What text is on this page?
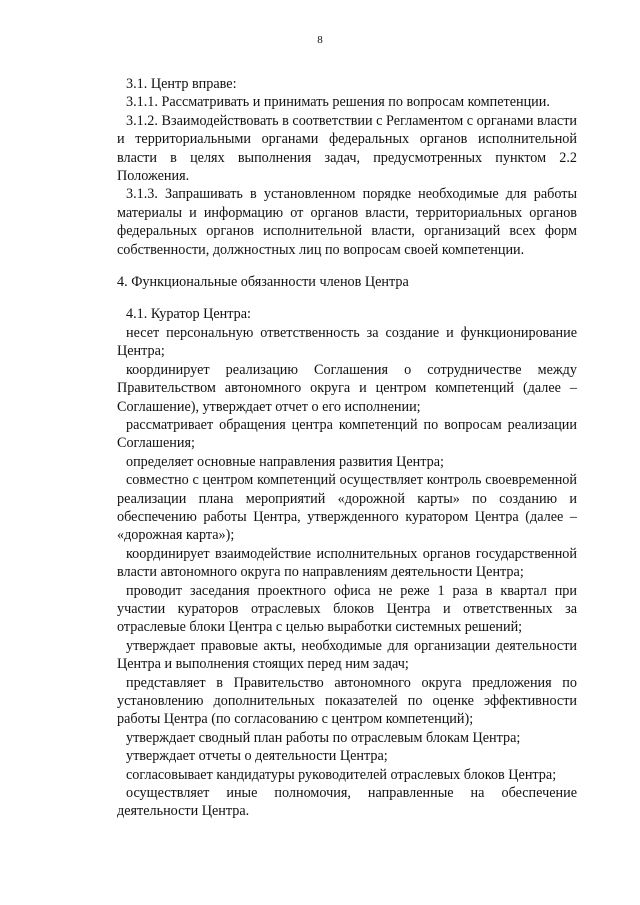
8

3.1. Центр вправе:

3.1.1. Рассматривать и принимать решения по вопросам компетенции.

3.1.2. Взаимодействовать в соответствии с Регламентом с органами власти и территориальными органами федеральных органов исполнительной власти в целях выполнения задач, предусмотренных пунктом 2.2 Положения.

3.1.3. Запрашивать в установленном порядке необходимые для работы материалы и информацию от органов власти, территориальных органов федеральных органов исполнительной власти, организаций всех форм собственности, должностных лиц по вопросам своей компетенции.

4. Функциональные обязанности членов Центра

4.1. Куратор Центра:

несет персональную ответственность за создание и функционирование Центра;

координирует реализацию Соглашения о сотрудничестве между Правительством автономного округа и центром компетенций (далее – Соглашение), утверждает отчет о его исполнении;

рассматривает обращения центра компетенций по вопросам реализации Соглашения;

определяет основные направления развития Центра;

совместно с центром компетенций осуществляет контроль своевременной реализации плана мероприятий «дорожной карты» по созданию и обеспечению работы Центра, утвержденного куратором Центра (далее – «дорожная карта»);

координирует взаимодействие исполнительных органов государственной власти автономного округа по направлениям деятельности Центра;

проводит заседания проектного офиса не реже 1 раза в квартал при участии кураторов отраслевых блоков Центра и ответственных за отраслевые блоки Центра с целью выработки системных решений;

утверждает правовые акты, необходимые для организации деятельности Центра и выполнения стоящих перед ним задач;

представляет в Правительство автономного округа предложения по установлению дополнительных показателей по оценке эффективности работы Центра (по согласованию с центром компетенций);

утверждает сводный план работы по отраслевым блокам Центра;

утверждает отчеты о деятельности Центра;

согласовывает кандидатуры руководителей отраслевых блоков Центра;

осуществляет иные полномочия, направленные на обеспечение деятельности Центра.
